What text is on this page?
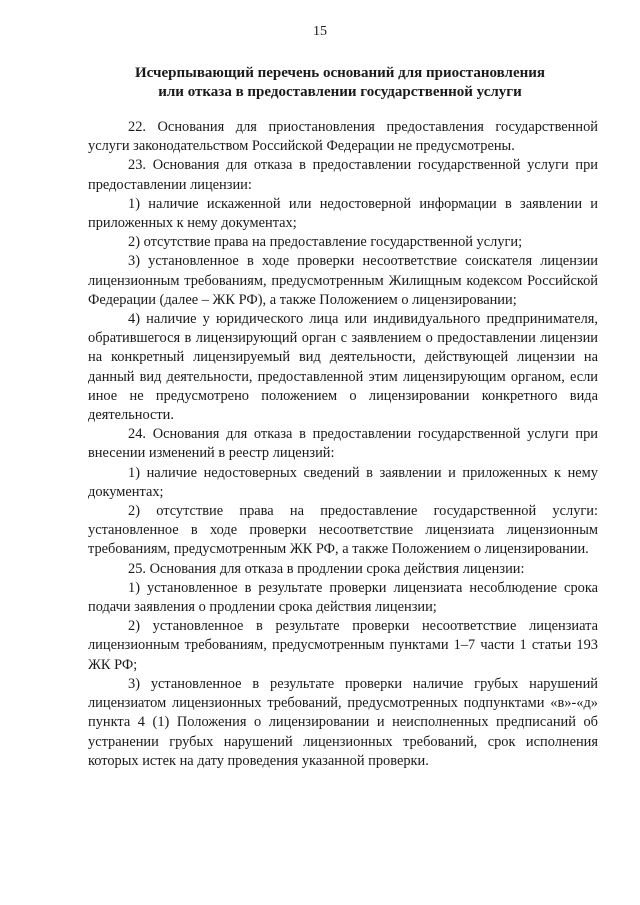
15
Исчерпывающий перечень оснований для приостановления
или отказа в предоставлении государственной услуги

22. Основания для приостановления предоставления государственной услуги законодательством Российской Федерации не предусмотрены.

23. Основания для отказа в предоставлении государственной услуги при предоставлении лицензии:

1) наличие искаженной или недостоверной информации в заявлении и приложенных к нему документах;

2) отсутствие права на предоставление государственной услуги;

3) установленное в ходе проверки несоответствие соискателя лицензии лицензионным требованиям, предусмотренным Жилищным кодексом Российской Федерации (далее – ЖК РФ), а также Положением о лицензировании;

4) наличие у юридического лица или индивидуального предпринимателя, обратившегося в лицензирующий орган с заявлением о предоставлении лицензии на конкретный лицензируемый вид деятельности, действующей лицензии на данный вид деятельности, предоставленной этим лицензирующим органом, если иное не предусмотрено положением о лицензировании конкретного вида деятельности.

24. Основания для отказа в предоставлении государственной услуги при внесении изменений в реестр лицензий:

1) наличие недостоверных сведений в заявлении и приложенных к нему документах;

2) отсутствие права на предоставление государственной услуги: установленное в ходе проверки несоответствие лицензиата лицензионным требованиям, предусмотренным ЖК РФ, а также Положением о лицензировании.

25. Основания для отказа в продлении срока действия лицензии:

1) установленное в результате проверки лицензиата несоблюдение срока подачи заявления о продлении срока действия лицензии;

2) установленное в результате проверки несоответствие лицензиата лицензионным требованиям, предусмотренным пунктами 1–7 части 1 статьи 193 ЖК РФ;

3) установленное в результате проверки наличие грубых нарушений лицензиатом лицензионных требований, предусмотренных подпунктами «в»-«д» пункта 4 (1) Положения о лицензировании и неисполненных предписаний об устранении грубых нарушений лицензионных требований, срок исполнения которых истек на дату проведения указанной проверки.
